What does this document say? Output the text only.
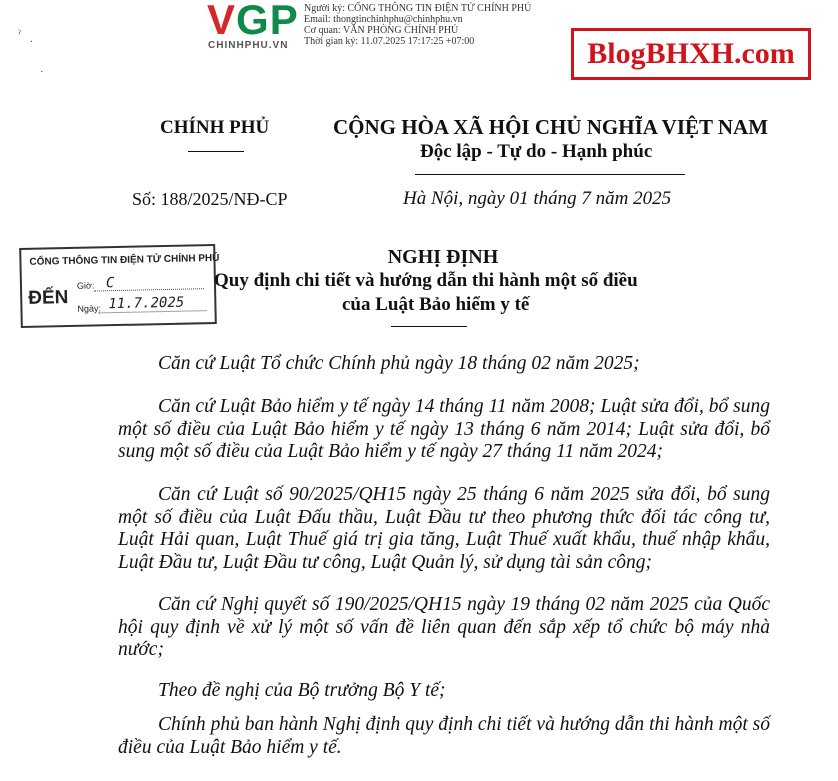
VGP
CHINHPHU.VN
Người ký: CỔNG THÔNG TIN ĐIỆN TỬ CHÍNH PHỦ
Email: thongtinchinhphu@chinhphu.vn
Cơ quan: VĂN PHÒNG CHÍNH PHỦ
Thời gian ký: 11.07.2025 17:17:25 +07:00	BlogBHXH.com
ˀ
·
.
CHÍNH PHỦ	CỘNG HÒA XÃ HỘI CHỦ NGHĨA VIỆT NAM
Độc lập - Tự do - Hạnh phúc
Số: 188/2025/NĐ-CP	Hà Nội, ngày 01 tháng 7 năm 2025
CỔNG THÔNG TIN ĐIỆN TỬ CHÍNH PHỦ
ĐẾN
Giờ: C
Ngày: 11.7.2025
NGHỊ ĐỊNH
Quy định chi tiết và hướng dẫn thi hành một số điều
của Luật Bảo hiểm y tế

Căn cứ Luật Tổ chức Chính phủ ngày 18 tháng 02 năm 2025;

Căn cứ Luật Bảo hiểm y tế ngày 14 tháng 11 năm 2008; Luật sửa đổi, bổ sung một số điều của Luật Bảo hiểm y tế ngày 13 tháng 6 năm 2014; Luật sửa đổi, bổ sung một số điều của Luật Bảo hiểm y tế ngày 27 tháng 11 năm 2024;

Căn cứ Luật số 90/2025/QH15 ngày 25 tháng 6 năm 2025 sửa đổi, bổ sung một số điều của Luật Đấu thầu, Luật Đầu tư theo phương thức đối tác công tư, Luật Hải quan, Luật Thuế giá trị gia tăng, Luật Thuế xuất khẩu, thuế nhập khẩu, Luật Đầu tư, Luật Đầu tư công, Luật Quản lý, sử dụng tài sản công;

Căn cứ Nghị quyết số 190/2025/QH15 ngày 19 tháng 02 năm 2025 của Quốc hội quy định về xử lý một số vấn đề liên quan đến sắp xếp tổ chức bộ máy nhà nước;

Theo đề nghị của Bộ trưởng Bộ Y tế;

Chính phủ ban hành Nghị định quy định chi tiết và hướng dẫn thi hành một số điều của Luật Bảo hiểm y tế.
